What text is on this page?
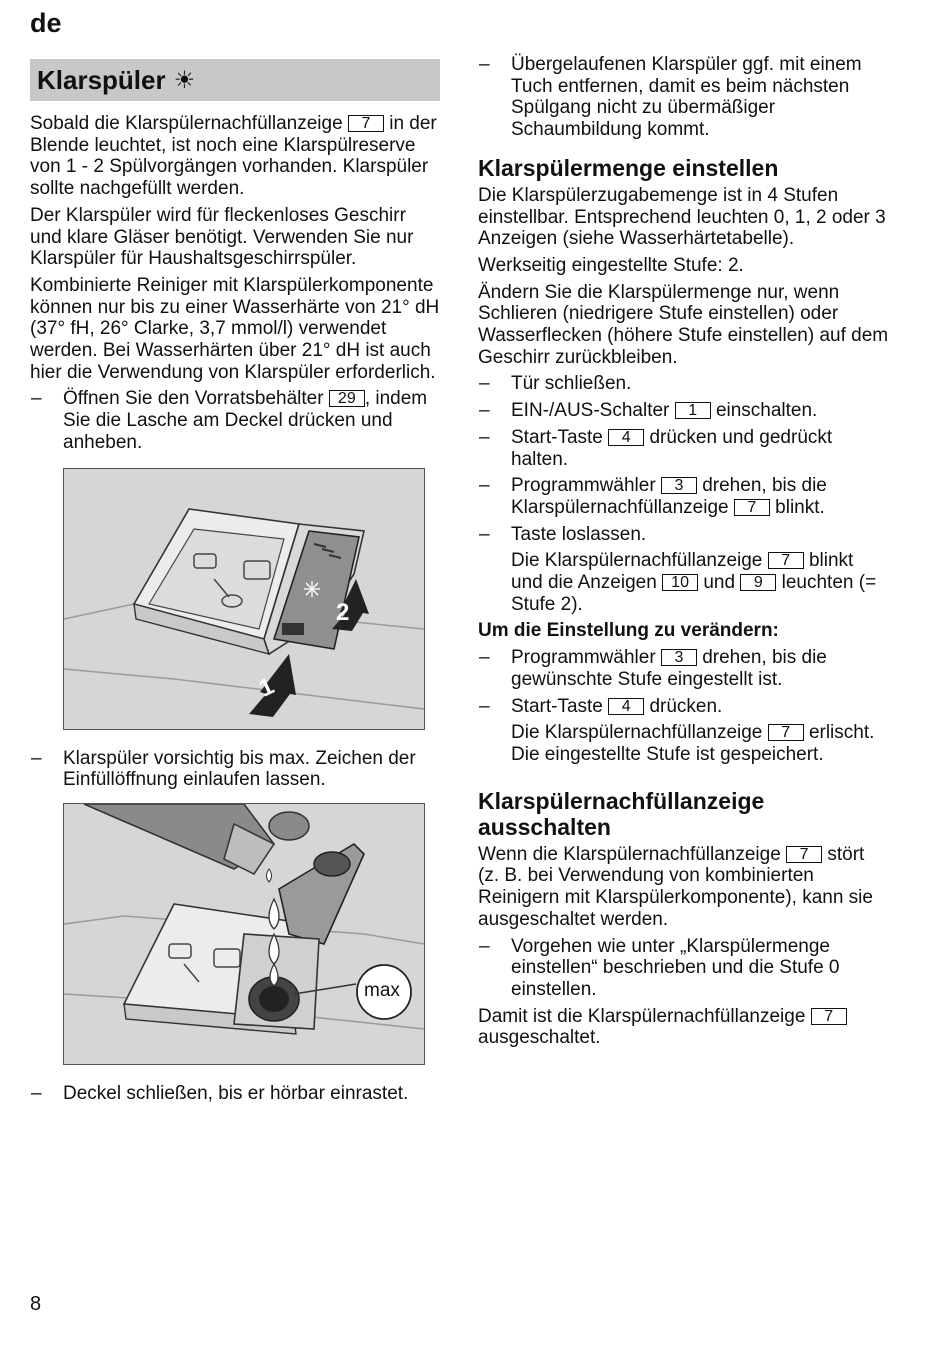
de
Klarspüler ☀

Sobald die Klarspülernachfüllanzeige 7 in der Blende leuchtet, ist noch eine Klarspülreserve von 1 - 2 Spülvorgängen vorhanden. Klarspüler sollte nachgefüllt werden.

Der Klarspüler wird für fleckenloses Geschirr und klare Gläser benötigt. Verwenden Sie nur Klarspüler für Haushaltsgeschirrspüler.

Kombinierte Reiniger mit Klarspülerkomponente können nur bis zu einer Wasserhärte von 21° dH (37° fH, 26° Clarke, 3,7 mmol/l) verwendet werden. Bei Wasserhärten über 21° dH ist auch hier die Verwendung von Klarspüler erforderlich.

– Öffnen Sie den Vorratsbehälter 29 , indem Sie die Lasche am Deckel drücken und anheben.
1
2
– Klarspüler vorsichtig bis max. Zeichen der Einfüllöffnung einlaufen lassen.
max
– Deckel schließen, bis er hörbar einrastet.
– Übergelaufenen Klarspüler ggf. mit einem Tuch entfernen, damit es beim nächsten Spülgang nicht zu übermäßiger Schaumbildung kommt.
Klarspülermenge einstellen

Die Klarspülerzugabemenge ist in 4 Stufen einstellbar. Entsprechend leuchten 0, 1, 2 oder 3 Anzeigen (siehe Wasserhärtetabelle).

Werkseitig eingestellte Stufe: 2.

Ändern Sie die Klarspülermenge nur, wenn Schlieren (niedrigere Stufe einstellen) oder Wasserflecken (höhere Stufe einstellen) auf dem Geschirr zurückbleiben.

– Tür schließen.
– EIN-/AUS-Schalter 1 einschalten.
– Start-Taste 4 drücken und gedrückt halten.
– Programmwähler 3 drehen, bis die Klarspülernachfüllanzeige 7 blinkt.
– Taste loslassen.
Die Klarspülernachfüllanzeige 7 blinkt und die Anzeigen 10 und 9 leuchten (= Stufe 2).
Um die Einstellung zu verändern:
– Programmwähler 3 drehen, bis die gewünschte Stufe eingestellt ist.
– Start-Taste 4 drücken.
Die Klarspülernachfüllanzeige 7 erlischt. Die eingestellte Stufe ist gespeichert.
Klarspülernachfüllanzeige ausschalten

Wenn die Klarspülernachfüllanzeige 7 stört (z. B. bei Verwendung von kombinierten Reinigern mit Klarspülerkomponente), kann sie ausgeschaltet werden.

– Vorgehen wie unter „Klarspülermenge einstellen“ beschrieben und die Stufe 0 einstellen.

Damit ist die Klarspülernachfüllanzeige 7 ausgeschaltet.

8
